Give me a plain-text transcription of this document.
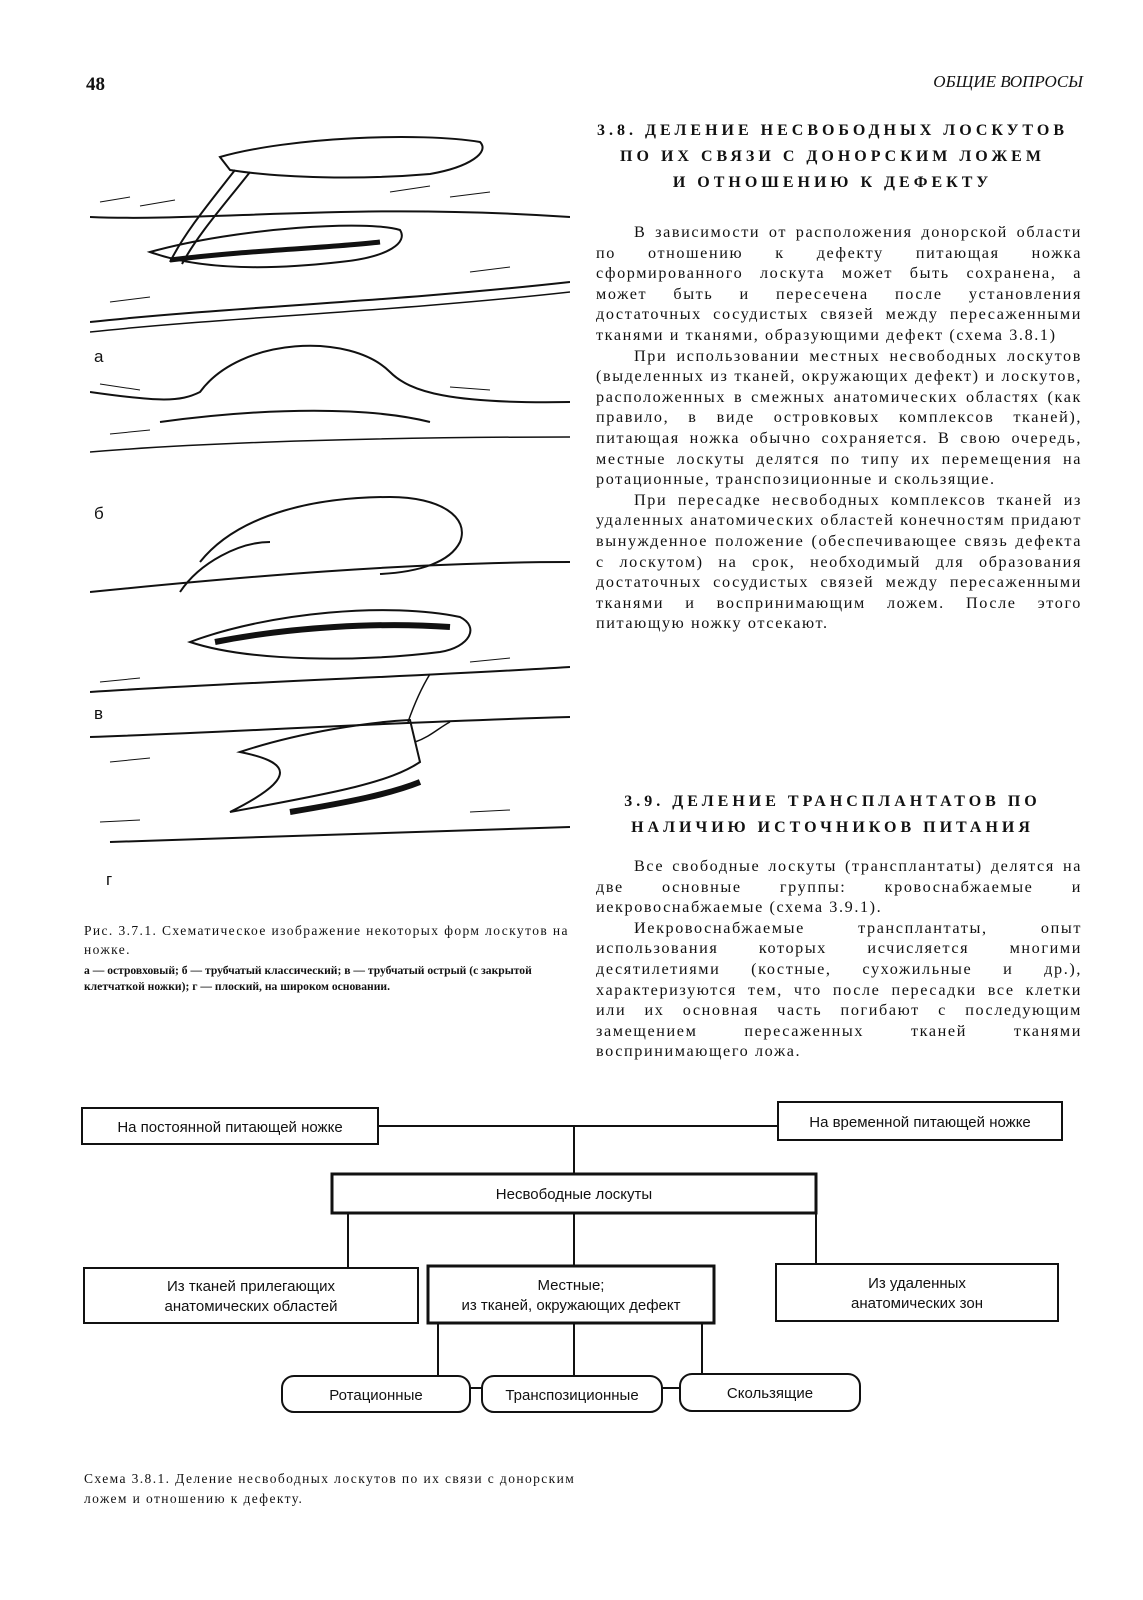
48	ОБЩИЕ ВОПРОСЫ
а
б
в
г
Рис. 3.7.1. Схематическое изображение некоторых форм лоскутов на ножке.
а — островховый; б — трубчатый классический; в — трубчатый острый (с закрытой клетчаткой ножки); г — плоский, на широком основании.
3.8. ДЕЛЕНИЕ НЕСВОБОДНЫХ ЛОСКУТОВ
ПО ИХ СВЯЗИ С ДОНОРСКИМ ЛОЖЕМ
И ОТНОШЕНИЮ К ДЕФЕКТУ

В зависимости от расположения донорской области по отношению к дефекту питающая ножка сформированного лоскута может быть сохранена, а может быть и пересечена после установления достаточных сосудистых связей между пересаженными тканями и тканями, образующими дефект (схема 3.8.1)

При использовании местных несвободных лоскутов (выделенных из тканей, окружающих дефект) и лоскутов, расположенных в смежных анатомических областях (как правило, в виде островковых комплексов тканей), питающая ножка обычно сохраняется. В свою очередь, местные лоскуты делятся по типу их перемещения на ротационные, транспозиционные и скользящие.

При пересадке несвободных комплексов тканей из удаленных анатомических областей конечностям придают вынужденное положение (обеспечивающее связь дефекта с лоскутом) на срок, необходимый для образования достаточных сосудистых связей между пересаженными тканями и воспринимающим ложем. После этого питающую ножку отсекают.

3.9. ДЕЛЕНИЕ ТРАНСПЛАНТАТОВ ПО
НАЛИЧИЮ ИСТОЧНИКОВ ПИТАНИЯ

Все свободные лоскуты (трансплантаты) делятся на две основные группы: кровоснабжаемые и иекровоснабжаемые (схема 3.9.1).

Иекровоснабжаемые трансплантаты, опыт использования которых исчисляется многими десятилетиями (костные, сухожильные и др.), характеризуются тем, что после пересадки все клетки или их основная часть погибают с последующим замещением пересаженных тканей тканями воспринимающего ложа.

На постоянной питающей ножке	На временной питающей ножке
Несвободные лоскуты
Из тканей прилегающих
анатомических областей
Местные;
из тканей, окружающих дефект
Из удаленных
анатомических зон
Ротационные	Транспозиционные	Скользящие
Схема 3.8.1. Деление несвободных лоскутов по их связи с донорским ложем и отношению к дефекту.
